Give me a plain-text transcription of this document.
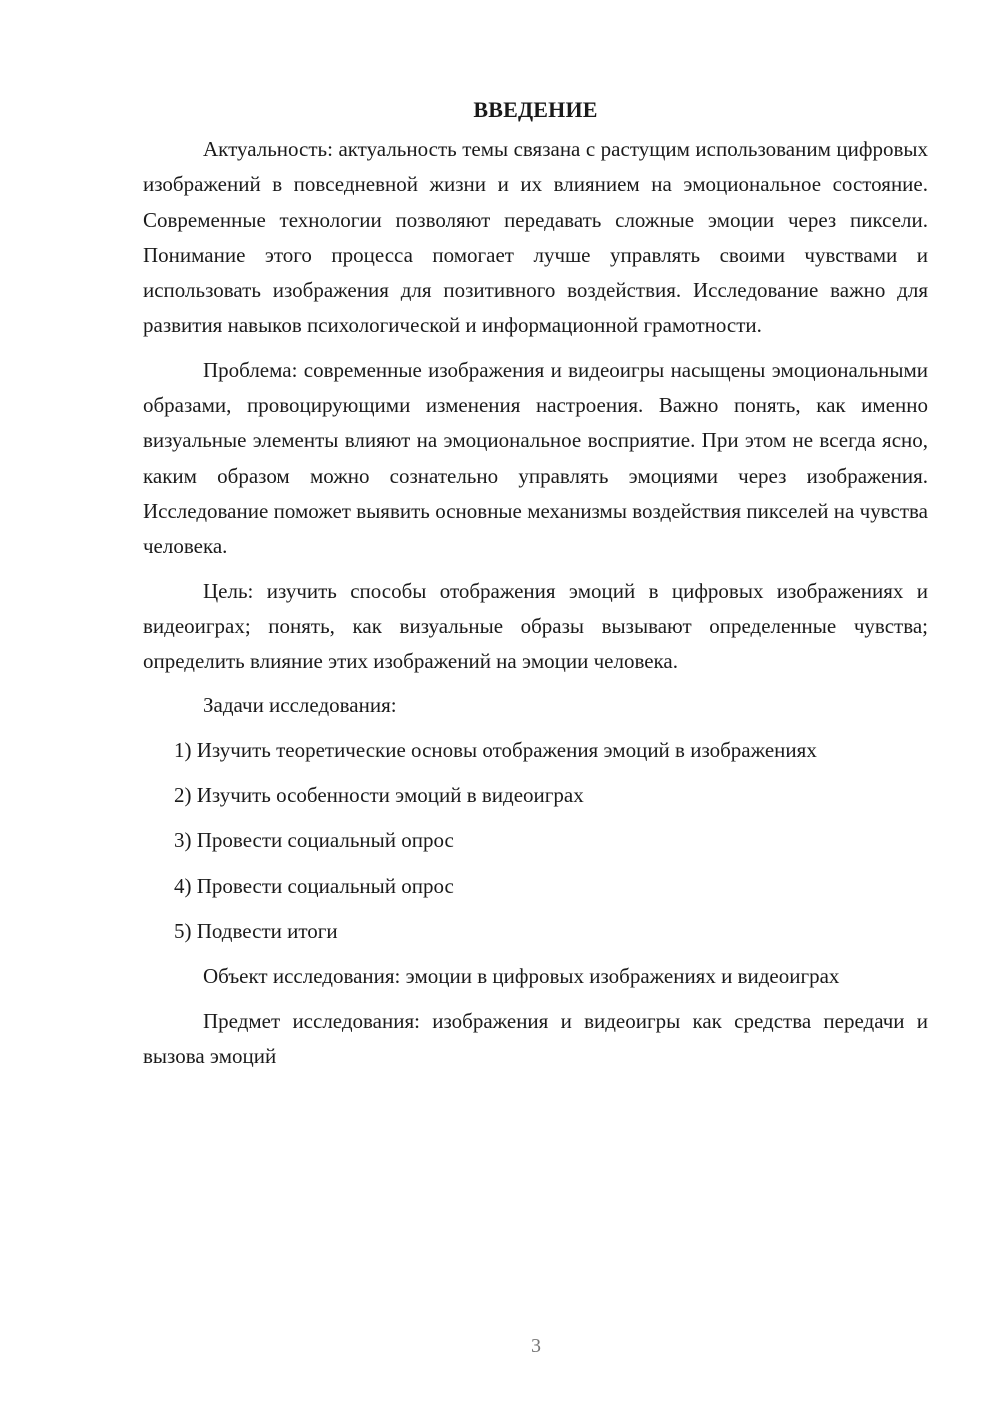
ВВЕДЕНИЕ

Актуальность: актуальность темы связана с растущим использованим цифровых изображений в повседневной жизни и их влиянием на эмоциональное состояние. Современные технологии позволяют передавать сложные эмоции через пиксели. Понимание этого процесса помогает лучше управлять своими чувствами и использовать изображения для позитивного воздействия. Исследование важно для развития навыков психологической и информационной грамотности.

Проблема: современные изображения и видеоигры насыщены эмоциональными образами, провоцирующими изменения настроения. Важно понять, как именно визуальные элементы влияют на эмоциональное восприятие. При этом не всегда ясно, каким образом можно сознательно управлять эмоциями через изображения. Исследование поможет выявить основные механизмы воздействия пикселей на чувства человека.

Цель: изучить способы отображения эмоций в цифровых изображениях и видеоиграх; понять, как визуальные образы вызывают определенные чувства; определить влияние этих изображений на эмоции человека.

Задачи исследования:

1) Изучить теоретические основы отображения эмоций в изображениях

2) Изучить особенности эмоций в видеоиграх

3) Провести социальный опрос

4) Провести социальный опрос

5) Подвести итоги

Объект исследования: эмоции в цифровых изображениях и видеоиграх

Предмет исследования: изображения и видеоигры как средства передачи и вызова эмоций

3
